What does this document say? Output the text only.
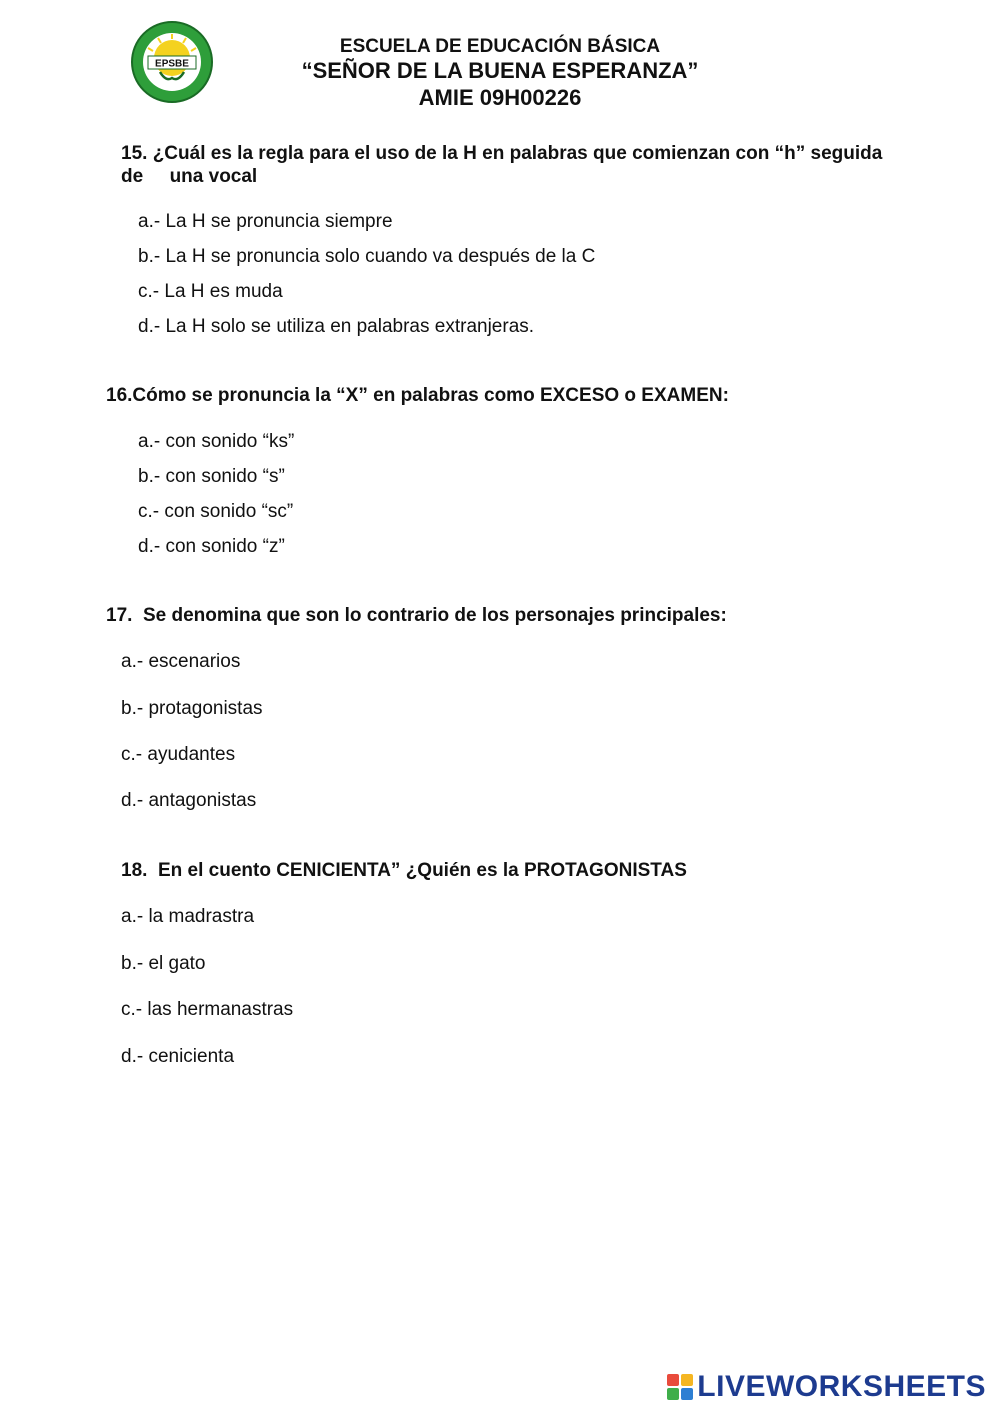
EPSBE
ESCUELA DE EDUCACIÓN BÁSICA
“SEÑOR DE LA BUENA ESPERANZA”
AMIE 09H00226
15. ¿Cuál es la regla para el uso de la H en palabras que comienzan con “h” seguida
de     una vocal
a.- La H se pronuncia siempre
b.- La H se pronuncia solo cuando va después de la C
c.- La H es muda
d.- La H solo se utiliza en palabras extranjeras.
16.Cómo se pronuncia la “X” en palabras como EXCESO o EXAMEN:
a.- con sonido “ks”
b.- con sonido “s”
c.- con sonido “sc”
d.- con sonido “z”
17.  Se denomina que son lo contrario de los personajes principales:
a.- escenarios
b.- protagonistas
c.- ayudantes
d.- antagonistas
18.  En el cuento CENICIENTA” ¿Quién es la PROTAGONISTAS
a.- la madrastra
b.- el gato
c.- las hermanastras
d.- cenicienta
LIVEWORKSHEETS
